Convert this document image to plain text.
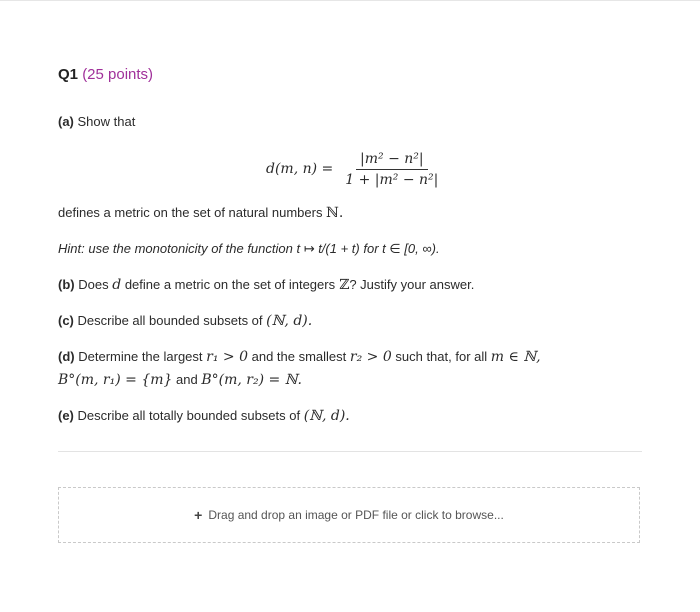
Q1 (25 points)
(a) Show that
d(m, $n) = \frac{\text{|m² − n²|}}{\text{1 + |m² − n²|}}$
defines a metric on the set of natural numbers ℕ.
Hint: use the monotonicity of the function t ↦ t/(1 + t) for t ∈ [0, ∞).
(b) Does d define a metric on the set of integers ℤ? Justify your answer.
(c) Describe all bounded subsets of (ℕ, d).
(d) Determine the largest r₁ > 0 and the smallest r₂ > 0 such that, for all m ∈ ℕ,
B°(m, r₁) = {m} and B°(m, r₂) = ℕ.
(e) Describe all totally bounded subsets of (ℕ, d).
+ Drag and drop an image or PDF file or click to browse...
